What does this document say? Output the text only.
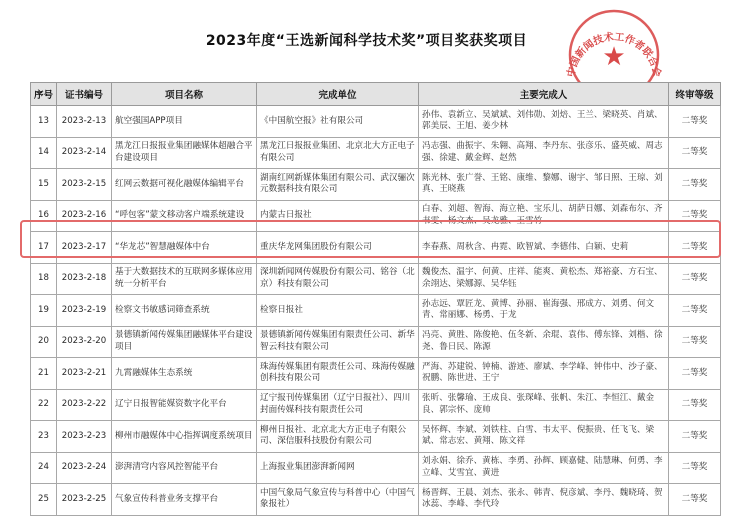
2023年度“王选新闻科学技术奖”项目奖获奖项目
中国新闻技术工作者联合会
★
序号	证书编号	项目名称	完成单位	主要完成人	终审等级
13	2023-2-13	航空强国APP项目	《中国航空报》社有限公司	孙伟、袁新立、吴斌斌、刘伟勋、刘焙、王兰、梁晓英、肖斌、郭美辰、王旭、姜少林	二等奖
14	2023-2-14	黑龙江日报报业集团融媒体超融合平台建设项目	黑龙江日报报业集团、北京北大方正电子有限公司	冯志强、曲振宇、朱翱、高翔、李丹东、张彦乐、盛英威、周志强、徐建、戴金辉、赵然	二等奖
15	2023-2-15	红网云数据可视化融媒体编辑平台	湖南红网新媒体集团有限公司、武汉骊次元数据科技有限公司	陈光林、张广誉、王铭、康维、黎娜、谢宇、邹日照、王琼、刘真、王晓燕	二等奖
16	2023-2-16	“呼包客”蒙文移动客户端系统建设	内蒙古日报社	白春、刘超、智海、海立艳、宝乐儿、胡萨日娜、刘森布尔、齐书雯、杨文杰、吴龙雅、王雪竹	二等奖
17	2023-2-17	“华龙芯”智慧融媒体中台	重庆华龙网集团股份有限公司	李春燕、周秋含、冉霓、欧智斌、李德伟、白颖、史莉	二等奖
18	2023-2-18	基于大数据技术的互联网多媒体应用统一分析平台	深圳新闻网传媒股份有限公司、铭谷（北京）科技有限公司	魏俊杰、温宇、何黄、庄祥、能爽、黄松杰、郑裕豪、方石宝、余翊达、梁娜源、吴华钰	二等奖
19	2023-2-19	检察文书敏感词筛查系统	检察日报社	孙志远、覃匠龙、黄博、孙丽、崔海强、邢成方、刘勇、何文青、常丽娜、杨勇、于龙	二等奖
20	2023-2-20	景德镇新闻传媒集团融媒体平台建设项目	景德镇新闻传媒集团有限责任公司、新华智云科技有限公司	冯亮、黄胜、陈俊艳、伍冬新、余琨、袁伟、傅东锋、刘楷、徐尧、鲁日民、陈源	二等奖
21	2023-2-21	九霄融媒体生态系统	珠海传媒集团有限责任公司、珠海传媒融创科技有限公司	严海、苏建锐、钟楠、游迹、廖斌、李学峰、钟伟中、沙子豪、祝鹏、陈世进、王宁	二等奖
22	2023-2-22	辽宁日报智能媒资数字化平台	辽宁报刊传媒集团（辽宁日报社）、四川封面传媒科技有限责任公司	张昕、张馨瑜、王成良、张琛峰、张帆、朱江、李恒江、戴金良、郭宗怀、庞帅	二等奖
23	2023-2-23	柳州市融媒体中心指挥调度系统项目	柳州日报社、北京北大方正电子有限公司、深信服科技股份有限公司	吴怀辉、李斌、刘铁柱、白雪、韦太平、倪振贵、任飞飞、梁斌、常志宏、黄翔、陈文祥	二等奖
24	2023-2-24	澎湃清穹内容风控智能平台	上海报业集团澎湃新闻网	刘永娟、徐乔、黄栋、李勇、孙辉、顾嘉健、陆慧琳、何勇、李立峰、艾雪宜、黄进	二等奖
25	2023-2-25	气象宣传科普业务支撑平台	中国气象局气象宣传与科普中心（中国气象报社）	杨晋辉、王晨、刘杰、张永、韩青、倪彦斌、李丹、魏晓琦、贺冰蕊、李峰、李代玲	二等奖
